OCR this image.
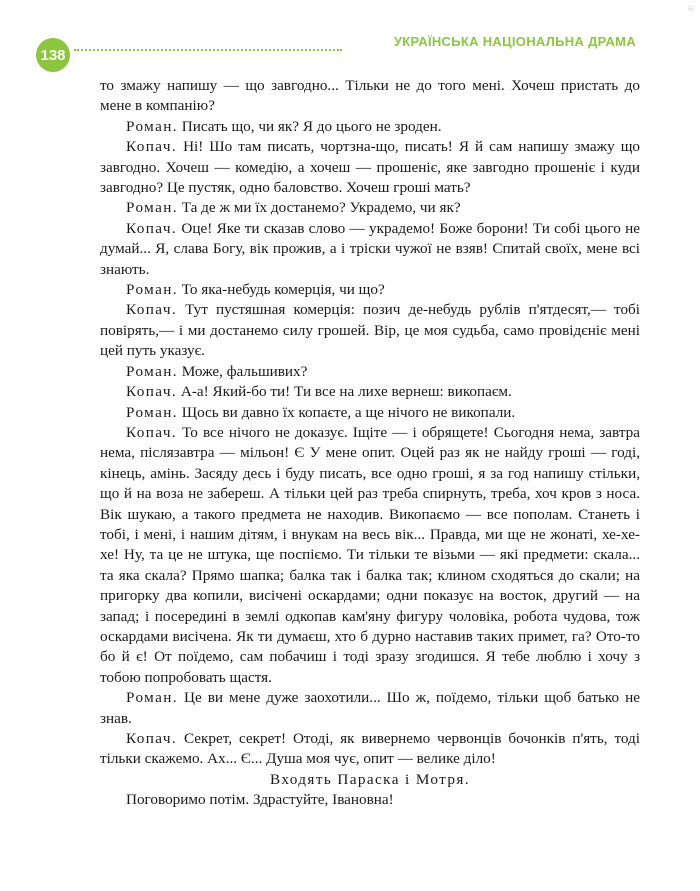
ⓘ
138
УКРАЇНСЬКА НАЦІОНАЛЬНА ДРАМА

то змажу напишу — що завгодно... Тільки не до того мені. Хочеш пристать до мене в компанію?

Роман. Писать що, чи як? Я до цього не зроден.

Копач. Ні! Шо там писать, чортзна-що, писать! Я й сам напишу змажу що завгодно. Хочеш — комедію, а хочеш — прошеніє, яке завгодно прошеніє і куди завгодно? Це пустяк, одно баловство. Хочеш гроші мать?

Роман. Та де ж ми їх достанемо? Украдемо, чи як?

Копач. Оце! Яке ти сказав слово — украдемо! Боже борони! Ти собі цього не думай... Я, слава Богу, вік прожив, а і тріски чужої не взяв! Спитай своїх, мене всі знають.

Роман. То яка-небудь комерція, чи що?

Копач. Тут пустяшная комерція: позич де-небудь рублів п'ятдесят,— тобі повірять,— і ми достанемо силу грошей. Вір, це моя судьба, само провідєніє мені цей путь указує.

Роман. Може, фальшивих?

Копач. А-а! Який-бо ти! Ти все на лихе вернеш: викопаєм.

Роман. Щось ви давно їх копаєте, а ще нічого не викопали.

Копач. То все нічого не доказує. Іщіте — і обрящете! Сьогодня нема, завтра нема, післязавтра — мільон! Є У мене опит. Оцей раз як не найду гроші — годі, кінець, амінь. Засяду десь і буду писать, все одно гроші, я за год напишу стільки, що й на воза не забереш. А тільки цей раз треба спирнуть, треба, хоч кров з носа. Вік шукаю, а такого предмета не находив. Викопаємо — все пополам. Станеть і тобі, і мені, і нашим дітям, і внукам на весь вік... Правда, ми ще не жонаті, хе-хе-хе! Ну, та це не штука, ще поспіємо. Ти тільки те візьми — які предмети: скала... та яка скала? Прямо шапка; балка так і балка так; клином сходяться до скали; на пригорку два копили, висічені оскардами; одни показує на восток, другий — на запад; і посередині в землі одкопав кам'яну фигуру чоловіка, робота чудова, тож оскардами висічена. Як ти думаєш, хто б дурно наставив таких примет, га? Ото-то бо й є! От поїдемо, сам побачиш і тоді зразу згодишся. Я тебе люблю і хочу з тобою попробовать щастя.

Роман. Це ви мене дуже заохотили... Шо ж, поїдемо, тільки щоб батько не знав.

Копач. Секрет, секрет! Отоді, як вивернемо червонців бочонків п'ять, тоді тільки скажемо. Ах... Є... Душа моя чує, опит — велике діло!

Входять Параска і Мотря.

Поговоримо потім. Здрастуйте, Івановна!
